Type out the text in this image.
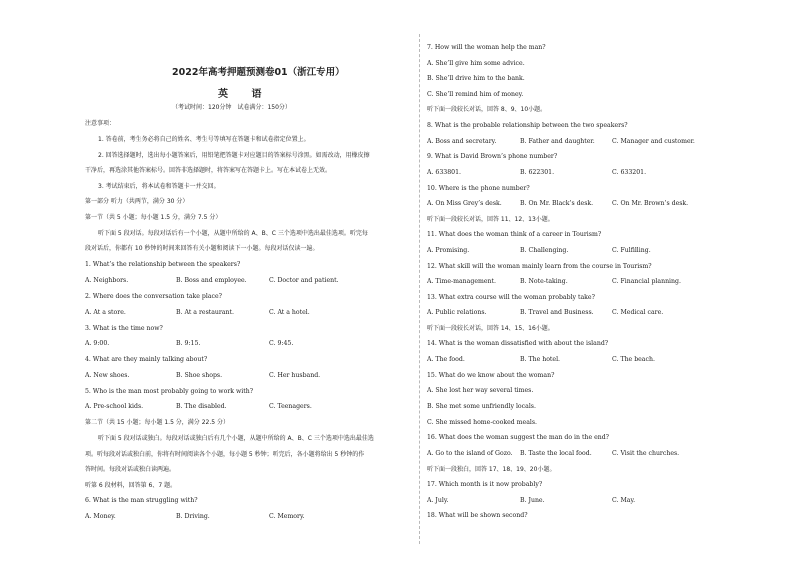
2022年高考押题预测卷01（浙江专用）
英 语
（考试时间：120分钟　试卷满分：150分）
注意事项：
1. 答卷前，考生务必将自己的姓名、考生号等填写在答题卡和试卷指定位置上。
2. 回答选择题时，选出每小题答案后，用铅笔把答题卡对应题目的答案标号涂黑。如需改动，用橡皮擦
干净后，再选涂其他答案标号。回答非选择题时，将答案写在答题卡上。写在本试卷上无效。
3. 考试结束后，将本试卷和答题卡一并交回。
第一部分 听力（共两节，满分 30 分）
第一节（共 5 小题；每小题 1.5 分，满分 7.5 分）
听下面 5 段对话。每段对话后有一个小题，从题中所给的 A、B、C 三个选项中选出最佳选项。听完每
段对话后，你都有 10 秒钟的时间来回答有关小题和阅读下一小题。每段对话仅读一遍。
1. What’s the relationship between the speakers?
A. Neighbors.	B. Boss and employee.	C. Doctor and patient.
2. Where does the conversation take place?
A. At a store.	B. At a restaurant.	C. At a hotel.
3. What is the time now?
A. 9:00.	B. 9:15.	C. 9:45.
4. What are they mainly talking about?
A. New shoes.	B. Shoe shops.	C. Her husband.
5. Who is the man most probably going to work with?
A. Pre-school kids.	B. The disabled.	C. Teenagers.
第二节（共 15 小题；每小题 1.5 分，满分 22.5 分）
听下面 5 段对话或独白。每段对话或独白后有几个小题，从题中所给的 A、B、C 三个选项中选出最佳选
项。听每段对话或独白前，你将有时间阅读各个小题，每小题 5 秒钟；听完后，各小题将给出 5 秒钟的作
答时间。每段对话或独白读两遍。
听第 6 段材料，回答第 6、7 题。
6. What is the man struggling with?
A. Money.	B. Driving.	C. Memory.
7. How will the woman help the man?
A. She’ll give him some advice.
B. She’ll drive him to the bank.
C. She’ll remind him of money.
听下面一段较长对话，回答 8、9、10小题。
8. What is the probable relationship between the two speakers?
A. Boss and secretary.	B. Father and daughter.	C. Manager and customer.
9. What is David Brown’s phone number?
A. 633801.	B. 622301.	C. 633201.
10. Where is the phone number?
A. On Miss Grey’s desk.	B. On Mr. Black’s desk.	C. On Mr. Brown’s desk.
听下面一段较长对话，回答 11、12、13小题。
11. What does the woman think of a career in Tourism?
A. Promising.	B. Challenging.	C. Fulfilling.
12. What skill will the woman mainly learn from the course in Tourism?
A. Time-management.	B. Note-taking.	C. Financial planning.
13. What extra course will the woman probably take?
A. Public relations.	B. Travel and Business.	C. Medical care.
听下面一段较长对话，回答 14、15、16小题。
14. What is the woman dissatisfied with about the island?
A. The food.	B. The hotel.	C. The beach.
15. What do we know about the woman?
A. She lost her way several times.
B. She met some unfriendly locals.
C. She missed home-cooked meals.
16. What does the woman suggest the man do in the end?
A. Go to the island of Gozo. B. Taste the local food.	C. Visit the churches.
听下面一段独白，回答 17、18、19、20小题。
17. Which month is it now probably?
A. July.	B. June.	C. May.
18. What will be shown second?
